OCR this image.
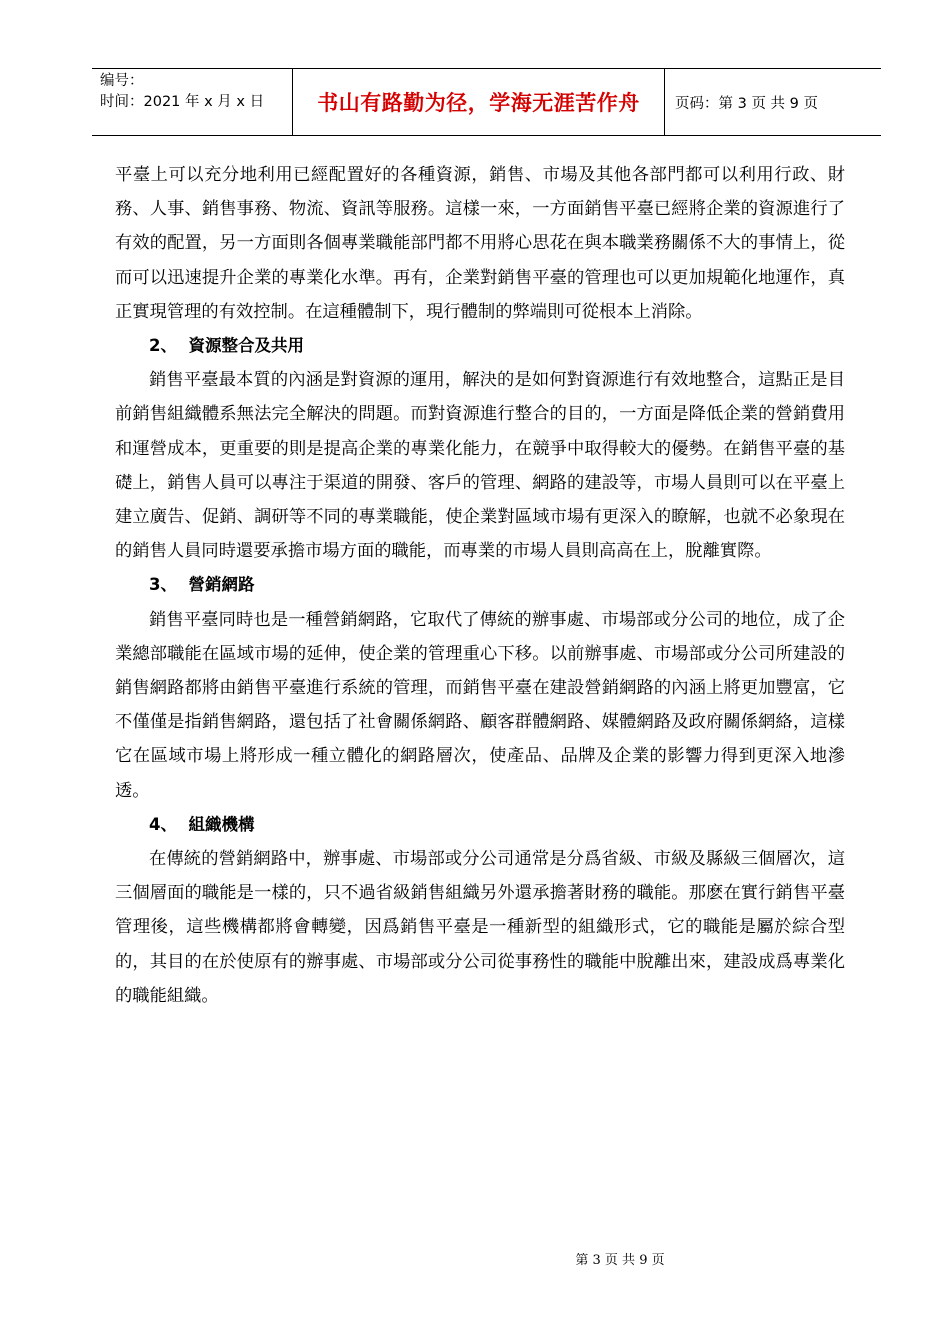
编号：
时间：2021 年 x 月 x 日	书山有路勤为径，学海无涯苦作舟	页码：第 3 页 共 9 页

平臺上可以充分地利用已經配置好的各種資源，銷售、市場及其他各部門都可以利用行政、財務、人事、銷售事務、物流、資訊等服務。這樣一來，一方面銷售平臺已經將企業的資源進行了有效的配置，另一方面則各個專業職能部門都不用將心思花在與本職業務關係不大的事情上，從而可以迅速提升企業的專業化水準。再有，企業對銷售平臺的管理也可以更加規範化地運作，真正實現管理的有效控制。在這種體制下，現行體制的弊端則可從根本上消除。

2、  資源整合及共用

銷售平臺最本質的內涵是對資源的運用，解決的是如何對資源進行有效地整合，這點正是目前銷售組織體系無法完全解決的問題。而對資源進行整合的目的，一方面是降低企業的營銷費用和運營成本，更重要的則是提高企業的專業化能力，在競爭中取得較大的優勢。在銷售平臺的基礎上，銷售人員可以專注于渠道的開發、客戶的管理、網路的建設等，市場人員則可以在平臺上建立廣告、促銷、調研等不同的專業職能，使企業對區域市場有更深入的瞭解，也就不必象現在的銷售人員同時還要承擔市場方面的職能，而專業的市場人員則高高在上，脫離實際。

3、  營銷網路

銷售平臺同時也是一種營銷網路，它取代了傳統的辦事處、市場部或分公司的地位，成了企業總部職能在區域市場的延伸，使企業的管理重心下移。以前辦事處、市場部或分公司所建設的銷售網路都將由銷售平臺進行系統的管理，而銷售平臺在建設營銷網路的內涵上將更加豐富，它不僅僅是指銷售網路，還包括了社會關係網路、顧客群體網路、媒體網路及政府關係網絡，這樣它在區域市場上將形成一種立體化的網路層次，使產品、品牌及企業的影響力得到更深入地滲透。

4、  組織機構

在傳統的營銷網路中，辦事處、市場部或分公司通常是分爲省級、市級及縣級三個層次，這三個層面的職能是一樣的，只不過省級銷售組織另外還承擔著財務的職能。那麽在實行銷售平臺管理後，這些機構都將會轉變，因爲銷售平臺是一種新型的組織形式，它的職能是屬於綜合型的，其目的在於使原有的辦事處、市場部或分公司從事務性的職能中脫離出來，建設成爲專業化的職能組織。

第 3 页 共 9 页
